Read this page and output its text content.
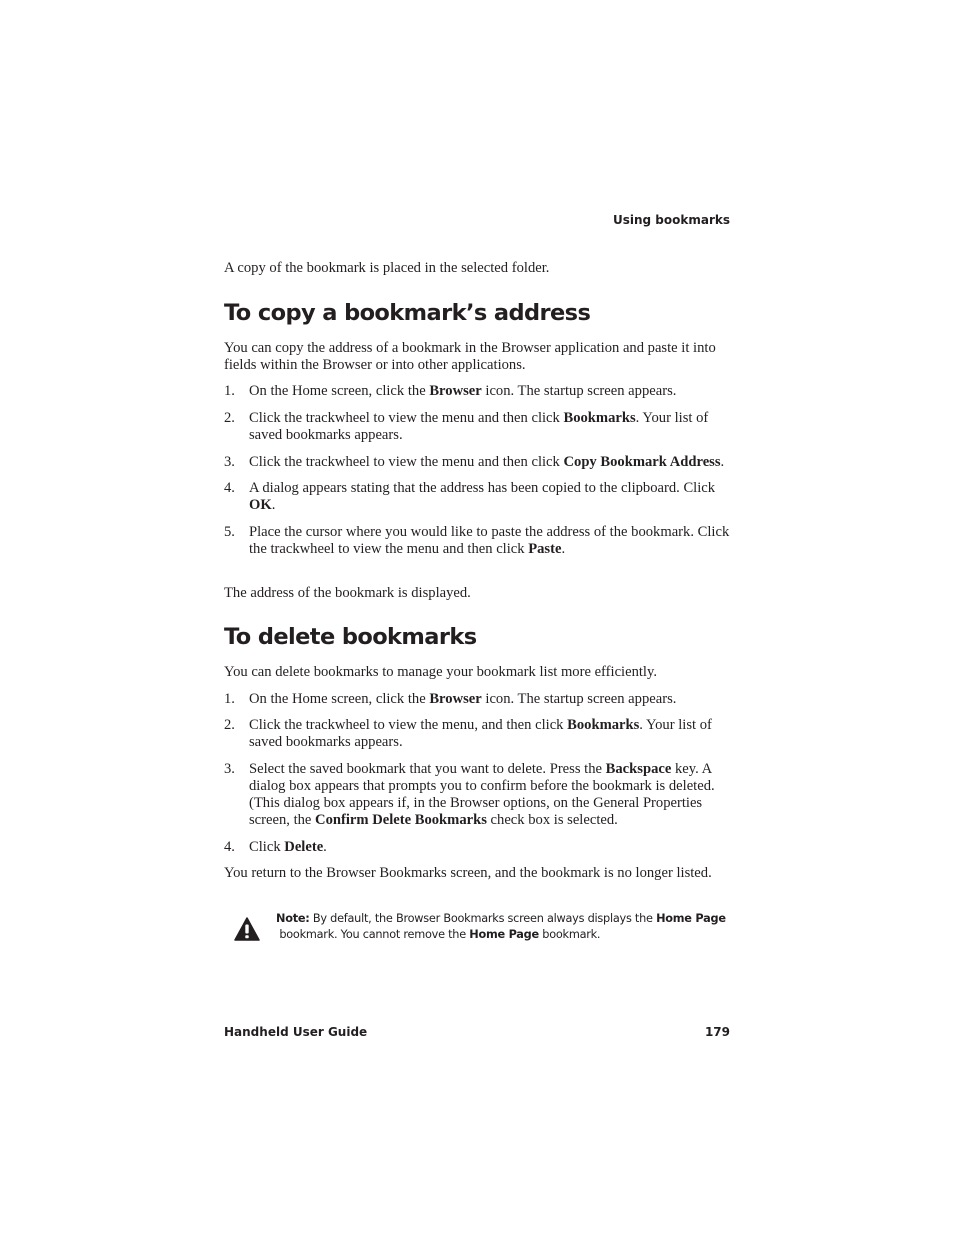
Using bookmarks

A copy of the bookmark is placed in the selected folder.

To copy a bookmark’s address

You can copy the address of a bookmark in the Browser application and paste it into fields within the Browser or into other applications.

1. On the Home screen, click the Browser icon. The startup screen appears.
2. Click the trackwheel to view the menu and then click Bookmarks. Your list of saved bookmarks appears.
3. Click the trackwheel to view the menu and then click Copy Bookmark Address.
4. A dialog appears stating that the address has been copied to the clipboard. Click OK.
5. Place the cursor where you would like to paste the address of the bookmark. Click the trackwheel to view the menu and then click Paste.

The address of the bookmark is displayed.

To delete bookmarks

You can delete bookmarks to manage your bookmark list more efficiently.

1. On the Home screen, click the Browser icon. The startup screen appears.
2. Click the trackwheel to view the menu, and then click Bookmarks. Your list of saved bookmarks appears.
3. Select the saved bookmark that you want to delete. Press the Backspace key. A dialog box appears that prompts you to confirm before the bookmark is deleted. (This dialog box appears if, in the Browser options, on the General Properties screen, the Confirm Delete Bookmarks check box is selected.
4. Click Delete.

You return to the Browser Bookmarks screen, and the bookmark is no longer listed.

Note: By default, the Browser Bookmarks screen always displays the Home Page
bookmark. You cannot remove the Home Page bookmark.
Handheld User Guide	179
